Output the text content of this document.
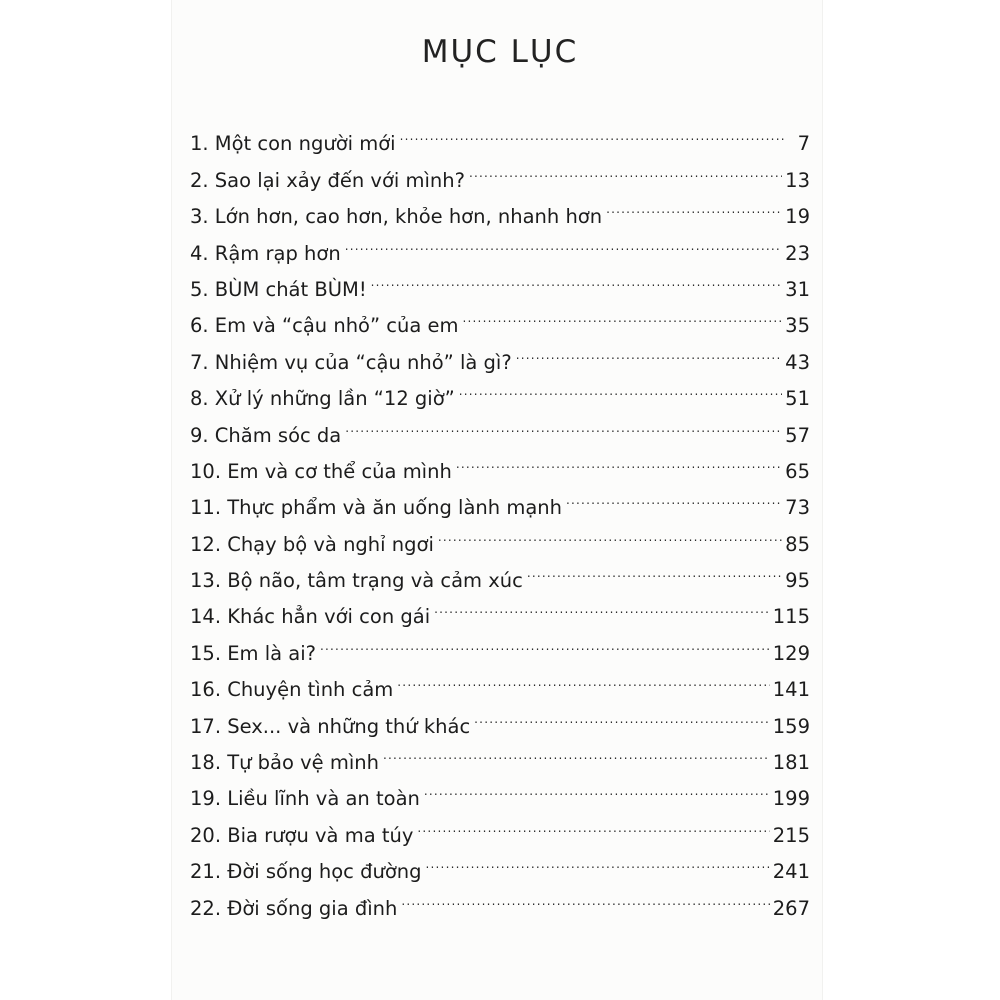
MỤC LỤC
1. Một con người mới .....	7
2. Sao lại xảy đến với mình? .....	13
3. Lớn hơn, cao hơn, khỏe hơn, nhanh hơn .....	19
4. Rậm rạp hơn .....	23
5. BÙM chát BÙM! .....	31
6. Em và “cậu nhỏ” của em .....	35
7. Nhiệm vụ của “cậu nhỏ” là gì? .....	43
8. Xử lý những lần “12 giờ” .....	51
9. Chăm sóc da .....	57
10. Em và cơ thể của mình .....	65
11. Thực phẩm và ăn uống lành mạnh .....	73
12. Chạy bộ và nghỉ ngơi .....	85
13. Bộ não, tâm trạng và cảm xúc .....	95
14. Khác hẳn với con gái .....	115
15. Em là ai? .....	129
16. Chuyện tình cảm .....	141
17. Sex... và những thứ khác .....	159
18. Tự bảo vệ mình .....	181
19. Liều lĩnh và an toàn .....	199
20. Bia rượu và ma túy .....	215
21. Đời sống học đường .....	241
22. Đời sống gia đình .....	267
